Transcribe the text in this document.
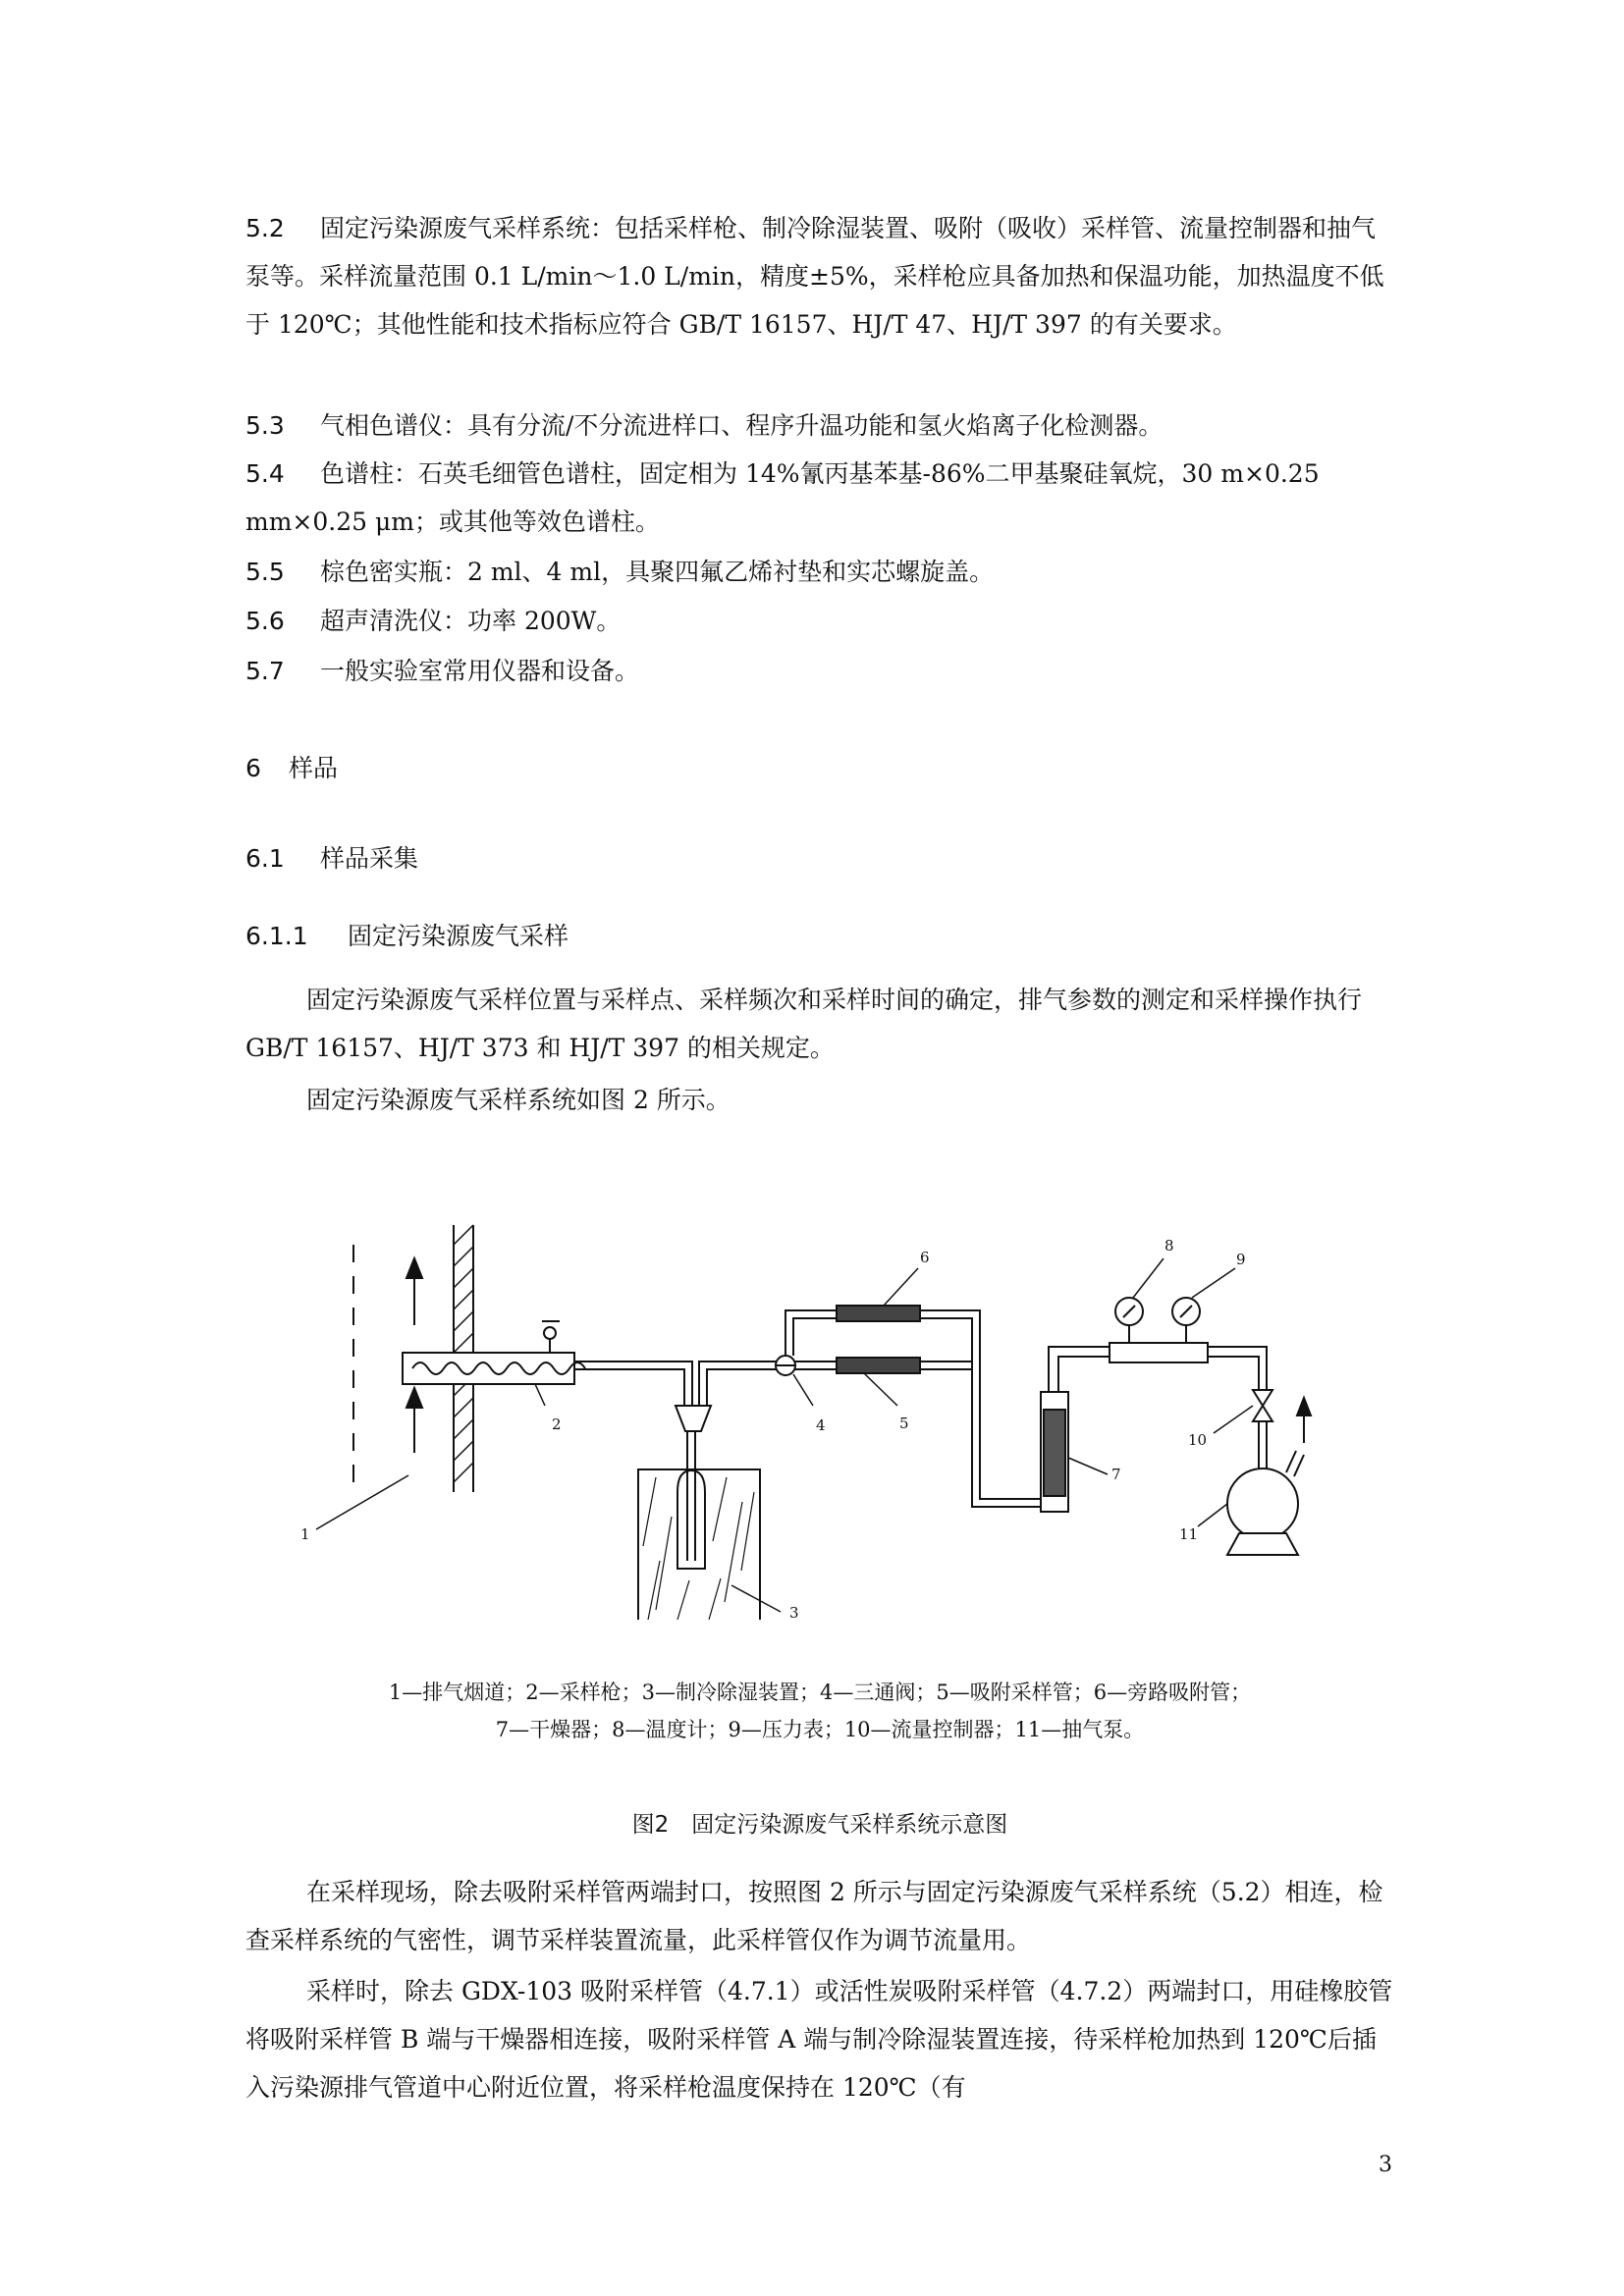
5.2 固定污染源废气采样系统：包括采样枪、制冷除湿装置、吸附（吸收）采样管、流量控制器和抽气泵等。采样流量范围 0.1 L/min～1.0 L/min，精度±5%，采样枪应具备加热和保温功能，加热温度不低于 120℃；其他性能和技术指标应符合 GB/T 16157、HJ/T 47、HJ/T 397 的有关要求。

5.3 气相色谱仪：具有分流/不分流进样口、程序升温功能和氢火焰离子化检测器。

5.4 色谱柱：石英毛细管色谱柱，固定相为 14%氰丙基苯基-86%二甲基聚硅氧烷，30 m×0.25 mm×0.25 μm；或其他等效色谱柱。

5.5 棕色密实瓶：2 ml、4 ml，具聚四氟乙烯衬垫和实芯螺旋盖。

5.6 超声清洗仪：功率 200W。

5.7 一般实验室常用仪器和设备。

6 样品
6.1 样品采集
6.1.1 固定污染源废气采样

固定污染源废气采样位置与采样点、采样频次和采样时间的确定，排气参数的测定和采样操作执行 GB/T 16157、HJ/T 373 和 HJ/T 397 的相关规定。

固定污染源废气采样系统如图 2 所示。

1
2
3
4	5
6
7
8
9
10
11

1—排气烟道；2—采样枪；3—制冷除湿装置；4—三通阀；5—吸附采样管；6—旁路吸附管；

7—干燥器；8—温度计；9—压力表；10—流量控制器；11—抽气泵。

图2　固定污染源废气采样系统示意图

在采样现场，除去吸附采样管两端封口，按照图 2 所示与固定污染源废气采样系统（5.2）相连，检查采样系统的气密性，调节采样装置流量，此采样管仅作为调节流量用。

采样时，除去 GDX-103 吸附采样管（4.7.1）或活性炭吸附采样管（4.7.2）两端封口，用硅橡胶管将吸附采样管 B 端与干燥器相连接，吸附采样管 A 端与制冷除湿装置连接，待采样枪加热到 120℃后插入污染源排气管道中心附近位置，将采样枪温度保持在 120℃（有

3
